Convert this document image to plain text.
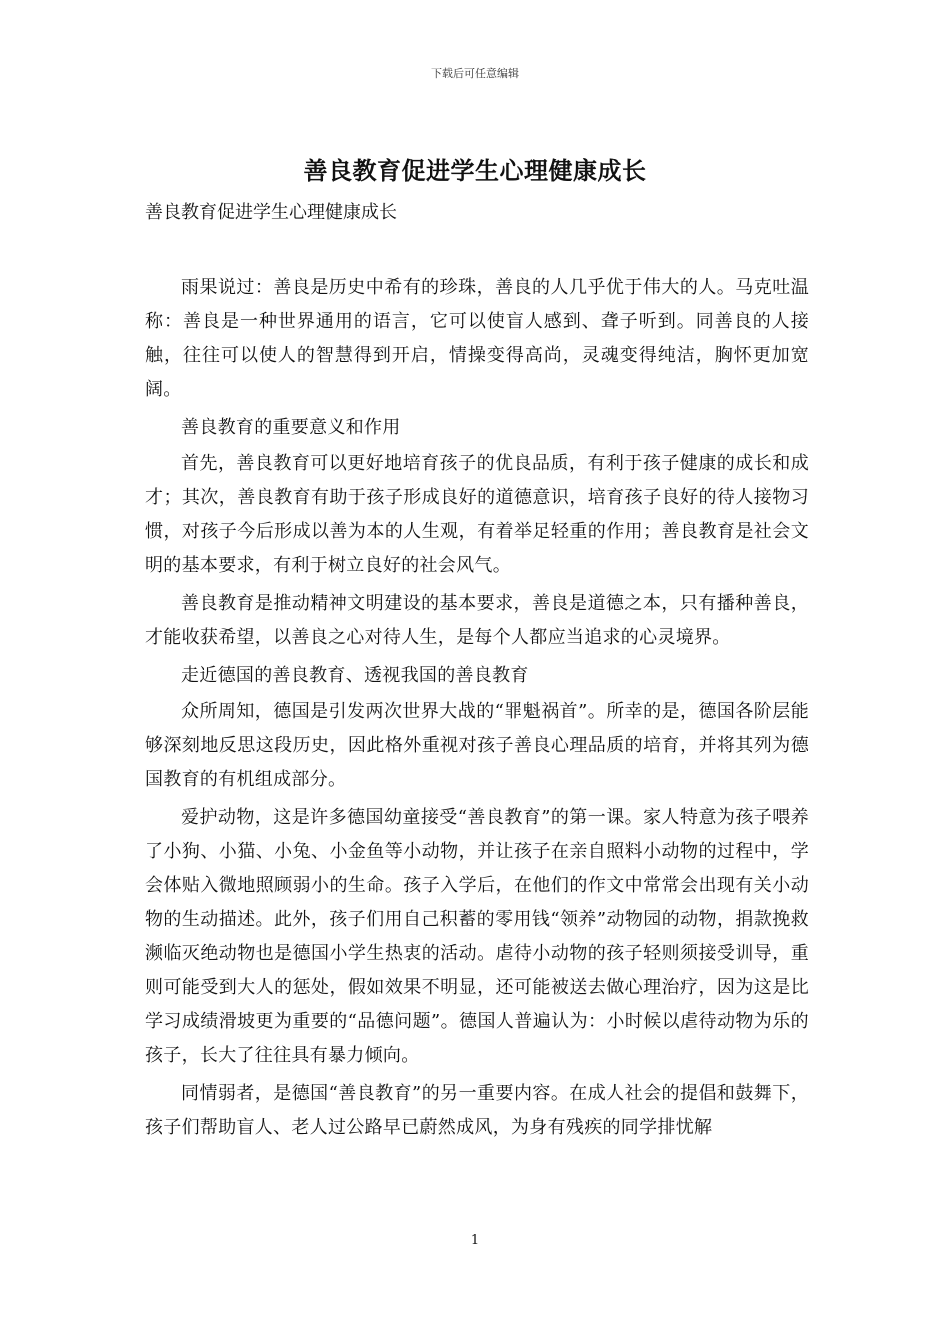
下载后可任意编辑
善良教育促进学生心理健康成长

善良教育促进学生心理健康成长

雨果说过：善良是历史中希有的珍珠，善良的人几乎优于伟大的人。马克吐温称：善良是一种世界通用的语言，它可以使盲人感到、聋子听到。同善良的人接触，往往可以使人的智慧得到开启，情操变得高尚，灵魂变得纯洁，胸怀更加宽阔。

善良教育的重要意义和作用

首先，善良教育可以更好地培育孩子的优良品质，有利于孩子健康的成长和成才；其次，善良教育有助于孩子形成良好的道德意识，培育孩子良好的待人接物习惯，对孩子今后形成以善为本的人生观，有着举足轻重的作用；善良教育是社会文明的基本要求，有利于树立良好的社会风气。

善良教育是推动精神文明建设的基本要求，善良是道德之本，只有播种善良，才能收获希望，以善良之心对待人生，是每个人都应当追求的心灵境界。

走近德国的善良教育、透视我国的善良教育

众所周知，德国是引发两次世界大战的“罪魁祸首”。所幸的是，德国各阶层能够深刻地反思这段历史，因此格外重视对孩子善良心理品质的培育，并将其列为德国教育的有机组成部分。

爱护动物，这是许多德国幼童接受“善良教育”的第一课。家人特意为孩子喂养了小狗、小猫、小兔、小金鱼等小动物，并让孩子在亲自照料小动物的过程中，学会体贴入微地照顾弱小的生命。孩子入学后，在他们的作文中常常会出现有关小动物的生动描述。此外，孩子们用自己积蓄的零用钱“领养”动物园的动物，捐款挽救濒临灭绝动物也是德国小学生热衷的活动。虐待小动物的孩子轻则须接受训导，重则可能受到大人的惩处，假如效果不明显，还可能被送去做心理治疗，因为这是比学习成绩滑坡更为重要的“品德问题”。德国人普遍认为：小时候以虐待动物为乐的孩子，长大了往往具有暴力倾向。

同情弱者，是德国“善良教育”的另一重要内容。在成人社会的提倡和鼓舞下，孩子们帮助盲人、老人过公路早已蔚然成风，为身有残疾的同学排忧解

1
